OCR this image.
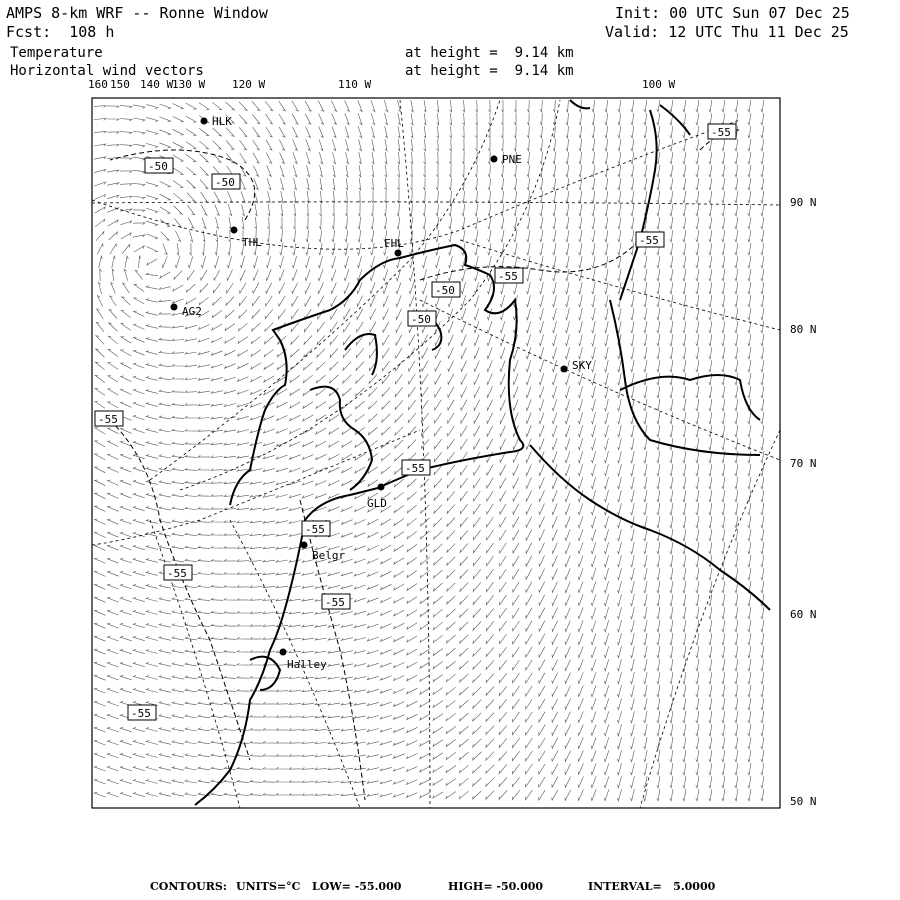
AMPS 8-km WRF -- Ronne Window
Fcst:  108 h
Init: 00 UTC Sun 07 Dec 25
Valid: 12 UTC Thu 11 Dec 25
Temperature
Horizontal wind vectors
at height =  9.14 km
at height =  9.14 km
160 150 140 W
130 W 120 W	110 W	100 W
90 N
80 N
70 N
60 N
50 N
HLK
PNE
THL	FHL
AG2
SKY
GLD
Belgr
Halley
-50
-50
-55
-55
-55
-50
-50
-55
-55
-55
-55
-55
-55
CONTOURS: UNITS=°C LOW= -55.000	HIGH= -50.000	INTERVAL=   5.0000
